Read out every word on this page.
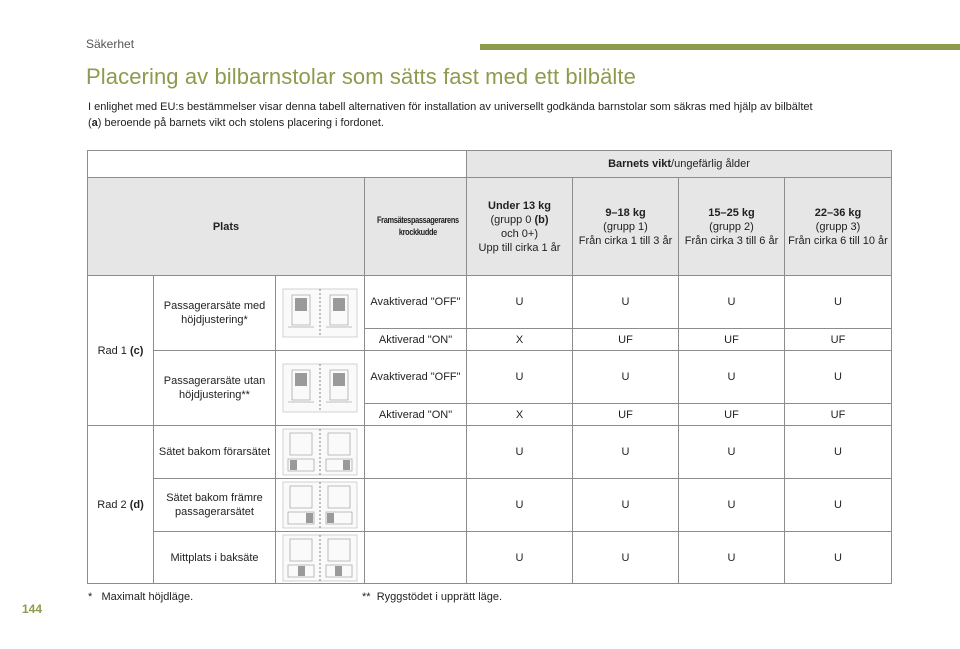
Säkerhet
Placering av bilbarnstolar som sätts fast med ett bilbälte
I enlighet med EU:s bestämmelser visar denna tabell alternativen för installation av universellt godkända barnstolar som säkras med hjälp av bilbältet
(a) beroende på barnets vikt och stolens placering i fordonet.
				Barnets vikt/ungefärlig ålder			
Plats			Framsätespassagerarens krockkudde	Under 13 kg
(grupp 0 (b)
och 0+)
Upp till cirka 1 år	9–18 kg
(grupp 1)
Från cirka 1 till 3 år	15–25 kg
(grupp 2)
Från cirka 3 till 6 år	22–36 kg
(grupp 3)
Från cirka 6 till 10 år
Rad 1 (c)	Passagerarsäte med höjdjustering*		Avaktiverad "OFF"	U	U	U	U
			Aktiverad "ON"	X	UF	UF	UF
	Passagerarsäte utan höjdjustering**		Avaktiverad "OFF"	U	U	U	U
			Aktiverad "ON"	X	UF	UF	UF
Rad 2 (d)	Sätet bakom förarsätet			U	U	U	U
	Sätet bakom främre passagerarsätet			U	U	U	U
	Mittplats i baksäte			U	U	U	U
* Maximalt höjdläge.	** Ryggstödet i upprätt läge.
144
